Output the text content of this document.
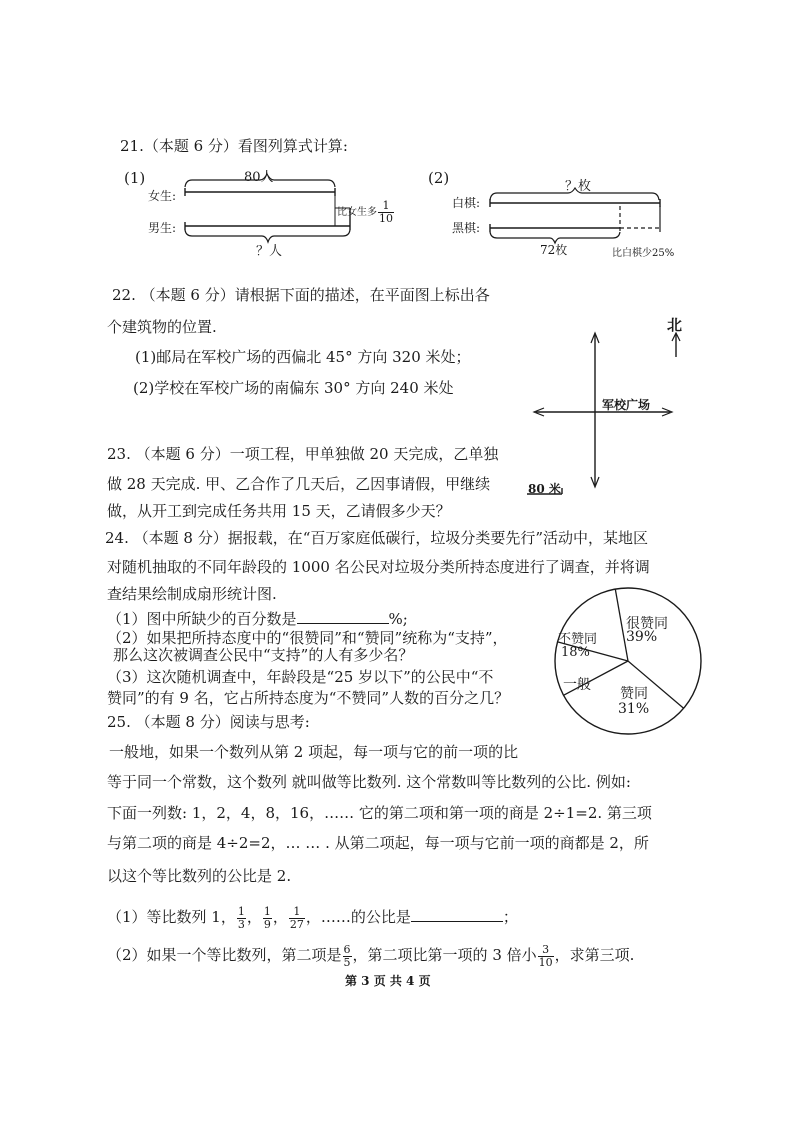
21.（本题 6 分）看图列算式计算:
(1)	80人
女生:
男生:
比女生多 $\frac{1}{10}$
？人
(2)	？枚
白棋:
黑棋:
72枚	比白棋少25%
22. （本题 6 分）请根据下面的描述，在平面图上标出各
个建筑物的位置.
(1)邮局在军校广场的西偏北 45° 方向 320 米处；
(2)学校在军校广场的南偏东 30° 方向 240 米处
北
军校广场
80 米
23. （本题 6 分）一项工程，甲单独做 20 天完成，乙单独
做 28 天完成. 甲、乙合作了几天后，乙因事请假，甲继续
做，从开工到完成任务共用 15 天，乙请假多少天？
24. （本题 8 分）据报载，在“百万家庭低碳行，垃圾分类要先行”活动中，某地区
对随机抽取的不同年龄段的 1000 名公民对垃圾分类所持态度进行了调查，并将调
查结果绘制成扇形统计图.
（1）图中所缺少的百分数是	%;
（2）如果把所持态度中的“很赞同”和“赞同”统称为“支持”，
那么这次被调查公民中“支持”的人有多少名？
（3）这次随机调查中，年龄段是“25 岁以下”的公民中“不
赞同”的有 9 名，它占所持态度为“不赞同”人数的百分之几？
很赞同
39%
不赞同
18%
一般
赞同
31%
25. （本题 8 分）阅读与思考:
一般地，如果一个数列从第 2 项起，每一项与它的前一项的比
等于同一个常数，这个数列 就叫做等比数列. 这个常数叫等比数列的公比. 例如:
下面一列数: 1，2，4，8，16，…… 它的第二项和第一项的商是 2÷1=2. 第三项
与第二项的商是 4÷2=2，… … . 从第二项起，每一项与它前一项的商都是 2，所
以这个等比数列的公比是 2.
（1）等比数列 1， $\frac{1}{3}$ ， $\frac{1}{9}$ ， $\frac{1}{27}$ ，……的公比是	；
（2）如果一个等比数列，第二项是 $\frac{6}{5}$ ，第二项比第一项的 3 倍小 $\frac{3}{10}$ ，求第三项.
第 3 页 共 4 页
